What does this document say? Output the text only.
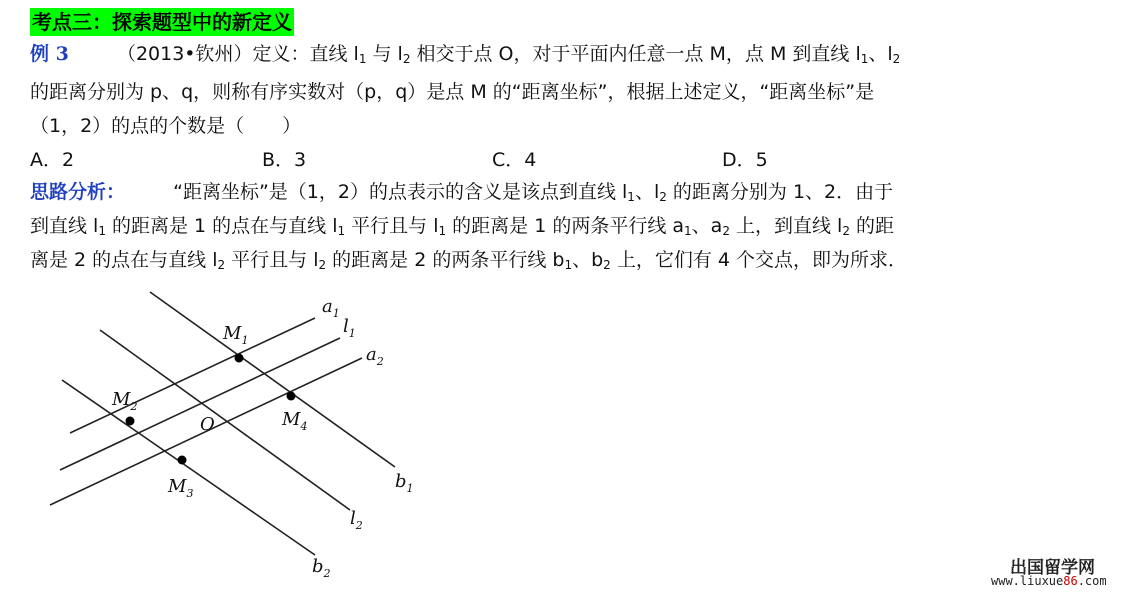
考点三：探索题型中的新定义
例 3	（2013•钦州）定义：直线 $l_1$ 与 $l_2$ 相交于点 O，对于平面内任意一点 M，点 M 到直线 $l_1$、$l_2$
的距离分别为 p、q，则称有序实数对（p，q）是点 M 的“距离坐标”，根据上述定义，“距离坐标”是
（1，2）的点的个数是（　　）
A．2	B．3	C．4	D．5
思路分析：	“距离坐标”是（1，2）的点表示的含义是该点到直线 $l_1$、$l_2$ 的距离分别为 1、2．由于
到直线 $l_1$ 的距离是 1 的点在与直线 $l_1$ 平行且与 $l_1$ 的距离是 1 的两条平行线 $a_1$、$a_2$ 上，到直线 $l_2$ 的距
离是 2 的点在与直线 $l_2$ 平行且与 $l_2$ 的距离是 2 的两条平行线 $b_1$、$b_2$ 上，它们有 4 个交点，即为所求．
$a_1$
$l_1$
$a_2$
$b_1$
$l_2$
$b_2$
$M_1$
$M_2$
$M_3$
$M_4$
O
出国留学网
www.liuxue86.com
